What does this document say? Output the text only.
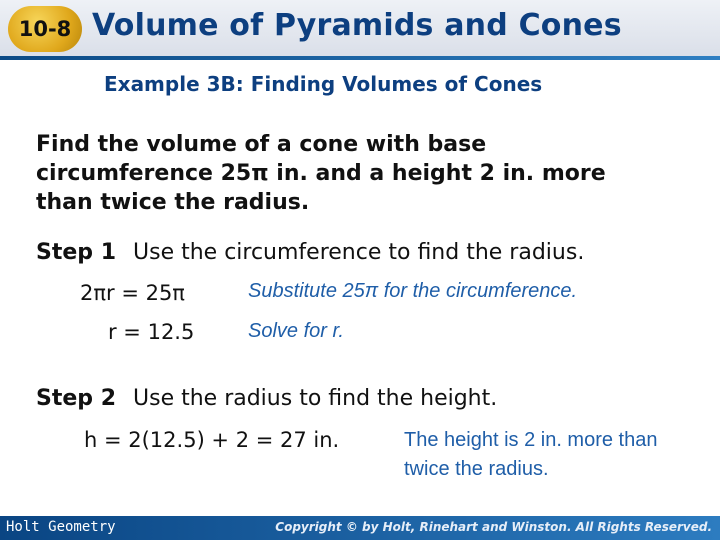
10-8 Volume of Pyramids and Cones
Example 3B: Finding Volumes of Cones
Find the volume of a cone with base
circumference 25π in. and a height 2 in. more
than twice the radius.
Step 1 Use the circumference to find the radius.
2πr = 25π	Substitute 25π for the circumference.
r = 12.5	Solve for r.
Step 2 Use the radius to find the height.
h = 2(12.5) + 2 = 27 in.	The height is 2 in. more than
twice the radius.
Holt Geometry	Copyright © by Holt, Rinehart and Winston. All Rights Reserved.
